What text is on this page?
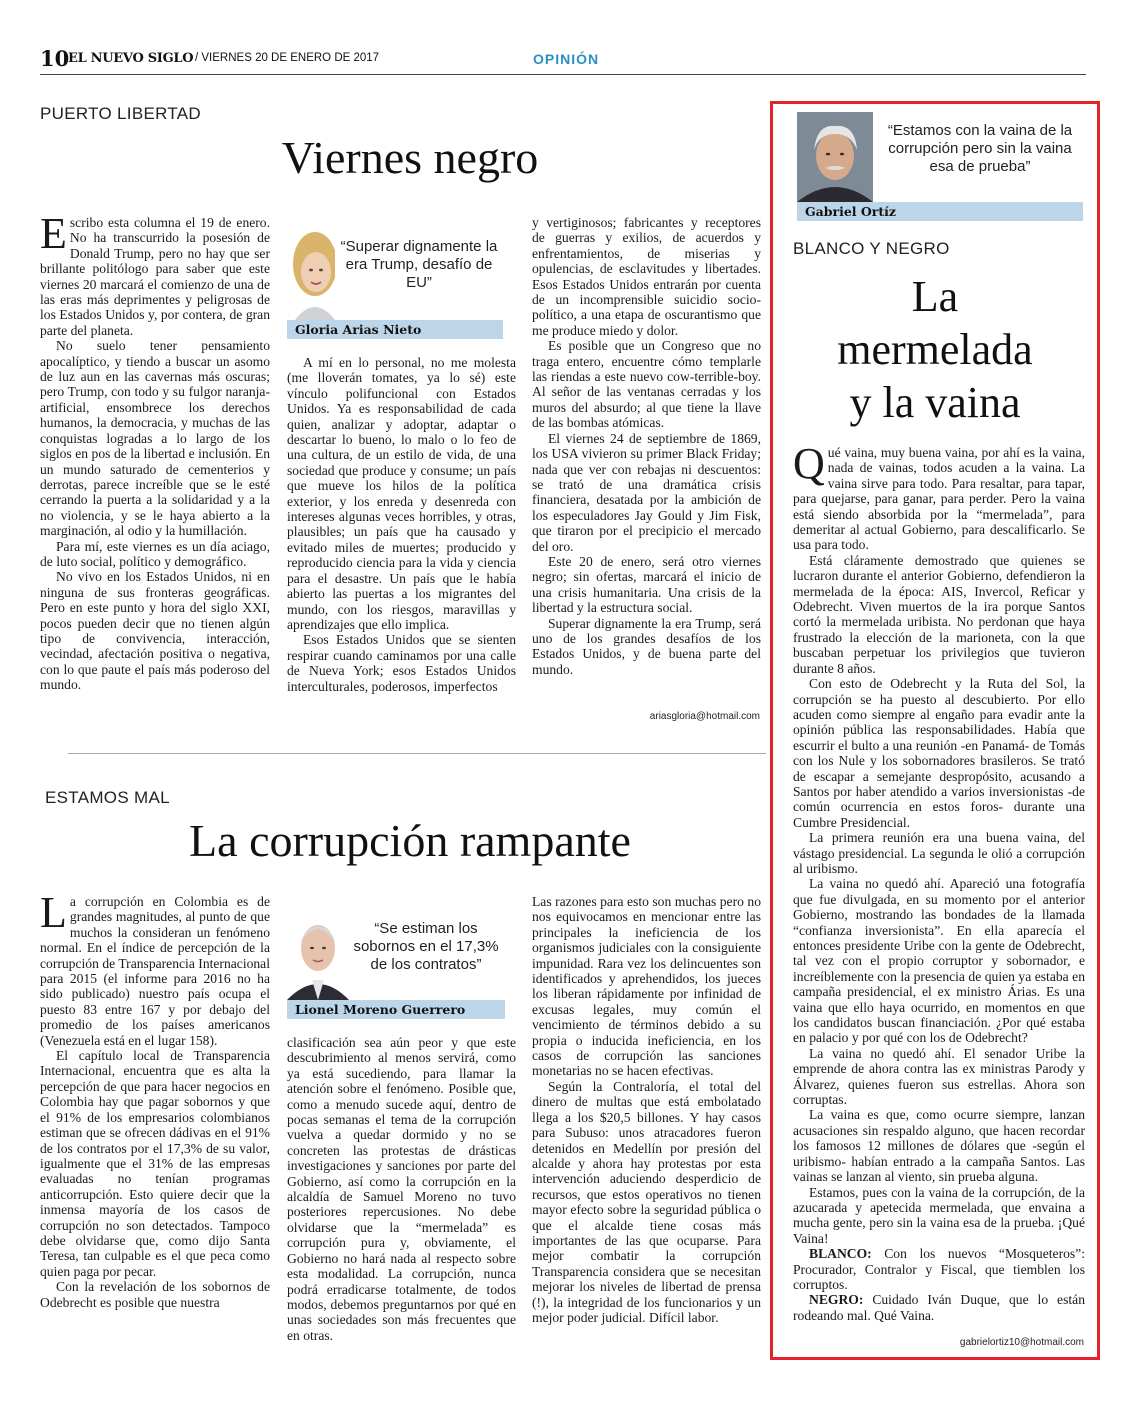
10
EL NUEVO SIGLO / VIERNES 20 DE ENERO DE 2017	OPINIÓN
PUERTO LIBERTAD
Viernes negro

Escribo esta columna el 19 de enero. No ha transcurrido la posesión de Donald Trump, pero no hay que ser brillante politólogo para saber que este viernes 20 marcará el comienzo de una de las eras más deprimentes y peligrosas de los Estados Unidos y, por contera, de gran parte del planeta.

No suelo tener pensamiento apocalíptico, y tiendo a buscar un asomo de luz aun en las cavernas más oscuras; pero Trump, con todo y su fulgor naranja-artificial, ensombrece los derechos humanos, la democracia, y muchas de las conquistas logradas a lo largo de los siglos en pos de la libertad e inclusión. En un mundo saturado de cementerios y derrotas, parece increíble que se le esté cerrando la puerta a la solidaridad y a la no violencia, y se le haya abierto a la marginación, al odio y la humillación.

Para mí, este viernes es un día aciago, de luto social, político y demográfico.

No vivo en los Estados Unidos, ni en ninguna de sus fronteras geográficas. Pero en este punto y hora del siglo XXI, pocos pueden decir que no tienen algún tipo de convivencia, interacción, vecindad, afectación positiva o negativa, con lo que paute el país más poderoso del mundo.

“Superar dignamente la era Trump, desafío de EU”
Gloria Arias Nieto

A mí en lo personal, no me molesta (me lloverán tomates, ya lo sé) este vínculo polifuncional con Estados Unidos. Ya es responsabilidad de cada quien, analizar y adoptar, adaptar o descartar lo bueno, lo malo o lo feo de una cultura, de un estilo de vida, de una sociedad que produce y consume; un país que mueve los hilos de la política exterior, y los enreda y desenreda con intereses algunas veces horribles, y otras, plausibles; un país que ha causado y evitado miles de muertes; producido y reproducido ciencia para la vida y ciencia para el desastre. Un país que le había abierto las puertas a los migrantes del mundo, con los riesgos, maravillas y aprendizajes que ello implica.

Esos Estados Unidos que se sienten respirar cuando caminamos por una calle de Nueva York; esos Estados Unidos interculturales, poderosos, imperfectos

y vertiginosos; fabricantes y receptores de guerras y exilios, de acuerdos y enfrentamientos, de miserias y opulencias, de esclavitudes y libertades. Esos Estados Unidos entrarán por cuenta de un incomprensible suicidio socio-político, a una etapa de oscurantismo que me produce miedo y dolor.

Es posible que un Congreso que no traga entero, encuentre cómo templarle las riendas a este nuevo cow-terrible-boy. Al señor de las ventanas cerradas y los muros del absurdo; al que tiene la llave de las bombas atómicas.

El viernes 24 de septiembre de 1869, los USA vivieron su primer Black Friday; nada que ver con rebajas ni descuentos: se trató de una dramática crisis financiera, desatada por la ambición de los especuladores Jay Gould y Jim Fisk, que tiraron por el precipicio el mercado del oro.

Este 20 de enero, será otro viernes negro; sin ofertas, marcará el inicio de una crisis humanitaria. Una crisis de la libertad y la estructura social.

Superar dignamente la era Trump, será uno de los grandes desafíos de los Estados Unidos, y de buena parte del mundo.

ariasgloria@hotmail.com
ESTAMOS MAL
La corrupción rampante

La corrupción en Colombia es de grandes magnitudes, al punto de que muchos la consideran un fenómeno normal. En el índice de percepción de la corrupción de Transparencia Internacional para 2015 (el informe para 2016 no ha sido publicado) nuestro país ocupa el puesto 83 entre 167 y por debajo del promedio de los países americanos (Venezuela está en el lugar 158).

El capítulo local de Transparencia Internacional, encuentra que es alta la percepción de que para hacer negocios en Colombia hay que pagar sobornos y que el 91% de los empresarios colombianos estiman que se ofrecen dádivas en el 91% de los contratos por el 17,3% de su valor, igualmente que el 31% de las empresas evaluadas no tenían programas anticorrupción. Esto quiere decir que la inmensa mayoría de los casos de corrupción no son detectados. Tampoco debe olvidarse que, como dijo Santa Teresa, tan culpable es el que peca como quien paga por pecar.

Con la revelación de los sobornos de Odebrecht es posible que nuestra

“Se estiman los sobornos en el 17,3% de los contratos”
Lionel Moreno Guerrero

clasificación sea aún peor y que este descubrimiento al menos servirá, como ya está sucediendo, para llamar la atención sobre el fenómeno. Posible que, como a menudo sucede aquí, dentro de pocas semanas el tema de la corrupción vuelva a quedar dormido y no se concreten las protestas de drásticas investigaciones y sanciones por parte del Gobierno, así como la corrupción en la alcaldía de Samuel Moreno no tuvo posteriores repercusiones. No debe olvidarse que la “mermelada” es corrupción pura y, obviamente, el Gobierno no hará nada al respecto sobre esta modalidad. La corrupción, nunca podrá erradicarse totalmente, de todos modos, debemos preguntarnos por qué en unas sociedades son más frecuentes que en otras.

Las razones para esto son muchas pero no nos equivocamos en mencionar entre las principales la ineficiencia de los organismos judiciales con la consiguiente impunidad. Rara vez los delincuentes son identificados y aprehendidos, los jueces los liberan rápidamente por infinidad de excusas legales, muy común el vencimiento de términos debido a su propia o inducida ineficiencia, en los casos de corrupción las sanciones monetarias no se hacen efectivas.

Según la Contraloría, el total del dinero de multas que está embolatado llega a los $20,5 billones. Y hay casos para Subuso: unos atracadores fueron detenidos en Medellín por presión del alcalde y ahora hay protestas por esta intervención aduciendo desperdicio de recursos, que estos operativos no tienen mayor efecto sobre la seguridad pública o que el alcalde tiene cosas más importantes de las que ocuparse. Para mejor combatir la corrupción Transparencia considera que se necesitan mejorar los niveles de libertad de prensa (!), la integridad de los funcionarios y un mejor poder judicial. Difícil labor.

“Estamos con la vaina de la corrupción pero sin la vaina esa de prueba”
Gabriel Ortíz
BLANCO Y NEGRO
La
mermelada
y la vaina

Qué vaina, muy buena vaina, por ahí es la vaina, nada de vainas, todos acuden a la vaina. La vaina sirve para todo. Para resaltar, para tapar, para quejarse, para ganar, para perder. Pero la vaina está siendo absorbida por la “mermelada”, para demeritar al actual Gobierno, para descalificarlo. Se usa para todo.

Está cláramente demostrado que quienes se lucraron durante el anterior Gobierno, defendieron la mermelada de la época: AIS, Invercol, Reficar y Odebrecht. Viven muertos de la ira porque Santos cortó la mermelada uribista. No perdonan que haya frustrado la elección de la marioneta, con la que buscaban perpetuar los privilegios que tuvieron durante 8 años.

Con esto de Odebrecht y la Ruta del Sol, la corrupción se ha puesto al descubierto. Por ello acuden como siempre al engaño para evadir ante la opinión pública las responsabilidades. Había que escurrir el bulto a una reunión -en Panamá- de Tomás con los Nule y los sobornadores brasileros. Se trató de escapar a semejante despropósito, acusando a Santos por haber atendido a varios inversionistas -de común ocurrencia en estos foros- durante una Cumbre Presidencial.

La primera reunión era una buena vaina, del vástago presidencial. La segunda le olió a corrupción al uribismo.

La vaina no quedó ahí. Apareció una fotografía que fue divulgada, en su momento por el anterior Gobierno, mostrando las bondades de la llamada “confianza inversionista”. En ella aparecía el entonces presidente Uribe con la gente de Odebrecht, tal vez con el propio corruptor y sobornador, e increíblemente con la presencia de quien ya estaba en campaña presidencial, el ex ministro Árias. Es una vaina que ello haya ocurrido, en momentos en que los candidatos buscan financiación. ¿Por qué estaba en palacio y por qué con los de Odebrecht?

La vaina no quedó ahí. El senador Uribe la emprende de ahora contra las ex ministras Parody y Álvarez, quienes fueron sus estrellas. Ahora son corruptas.

La vaina es que, como ocurre siempre, lanzan acusaciones sin respaldo alguno, que hacen recordar los famosos 12 millones de dólares que -según el uribismo- habían entrado a la campaña Santos. Las vainas se lanzan al viento, sin prueba alguna.

Estamos, pues con la vaina de la corrupción, de la azucarada y apetecida mermelada, que envaina a mucha gente, pero sin la vaina esa de la prueba. ¡Qué Vaina!

BLANCO: Con los nuevos “Mosqueteros”: Procurador, Contralor y Fiscal, que tiemblen los corruptos.

NEGRO: Cuidado Iván Duque, que lo están rodeando mal. Qué Vaina.

gabrielortiz10@hotmail.com
